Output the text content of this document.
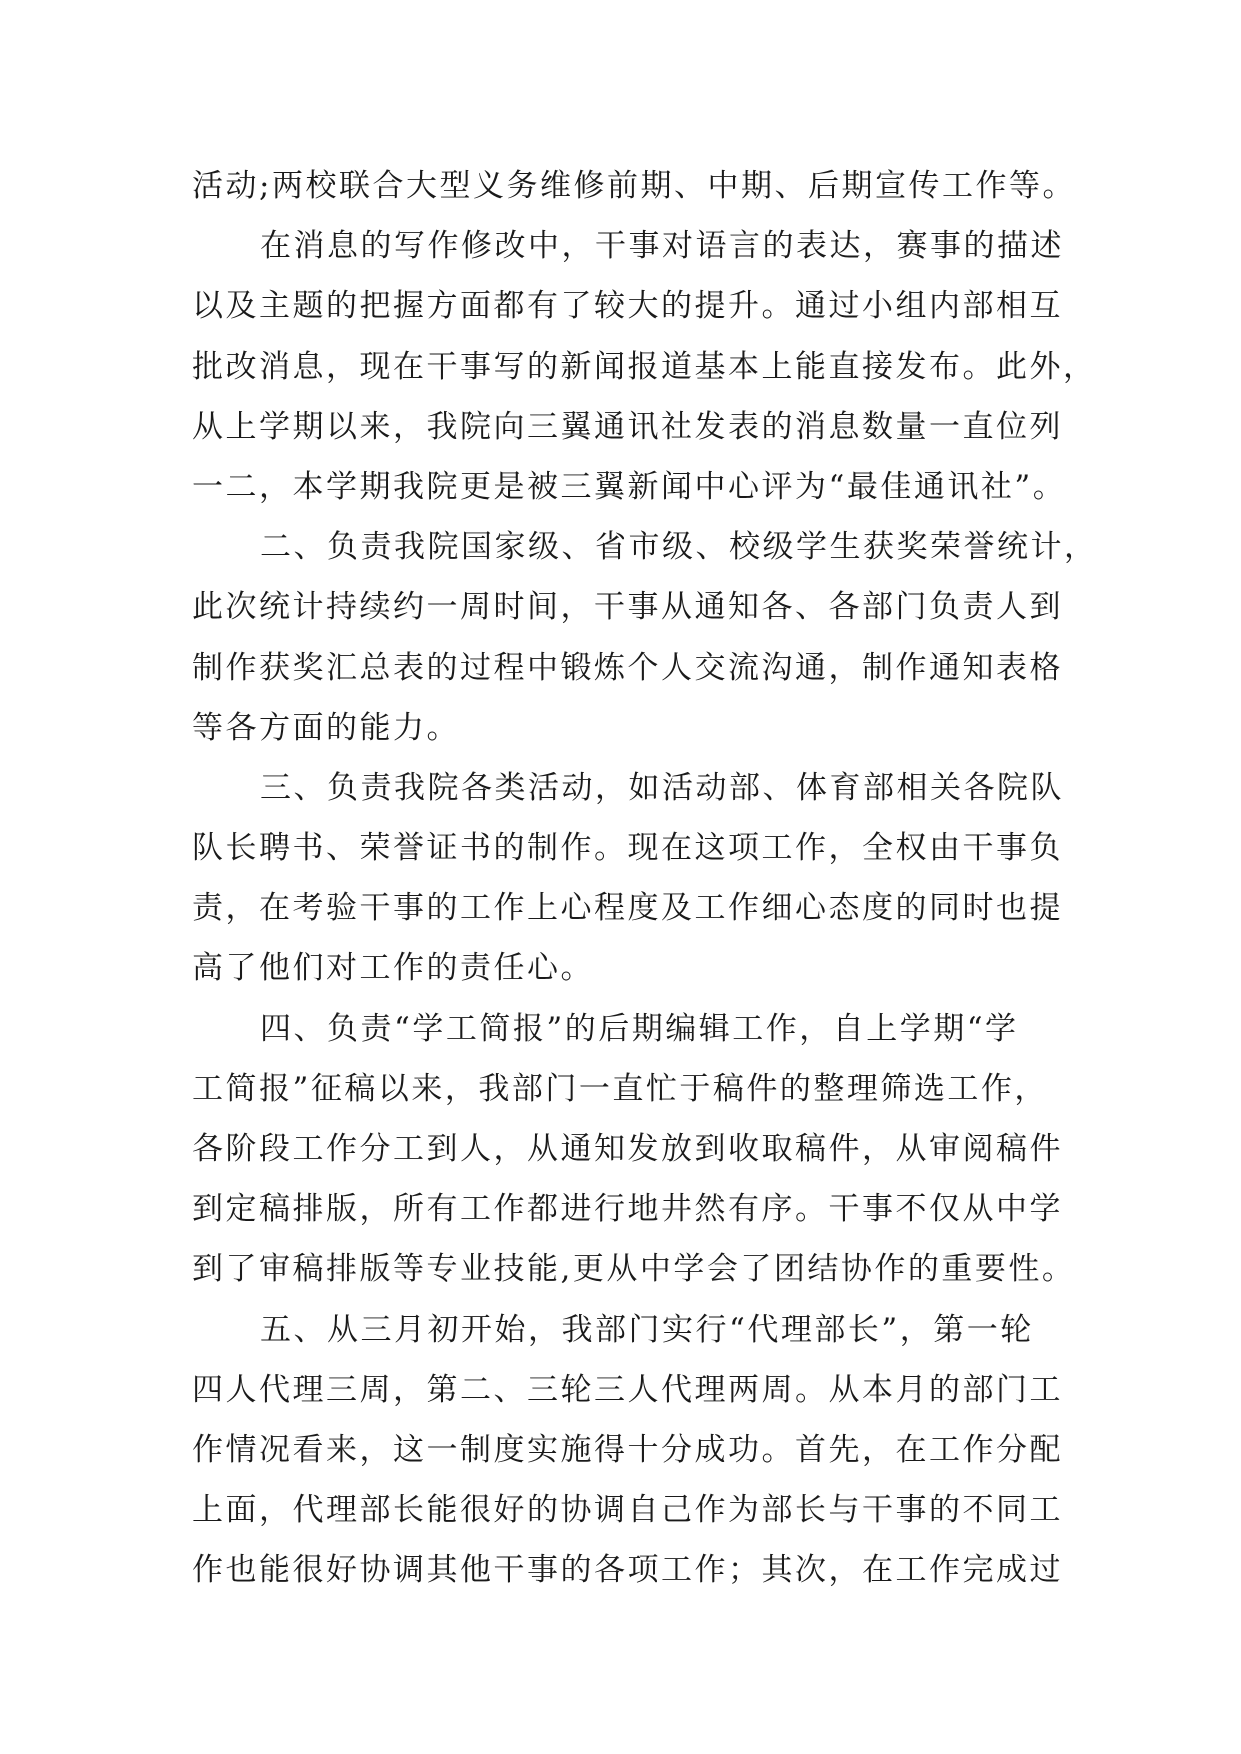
活动;两校联合大型义务维修前期、中期、后期宣传工作等。
在消息的写作修改中，干事对语言的表达，赛事的描述
以及主题的把握方面都有了较大的提升。通过小组内部相互
批改消息，现在干事写的新闻报道基本上能直接发布。此外，
从上学期以来，我院向三翼通讯社发表的消息数量一直位列
一二，本学期我院更是被三翼新闻中心评为“最佳通讯社”。
二、负责我院国家级、省市级、校级学生获奖荣誉统计，
此次统计持续约一周时间，干事从通知各、各部门负责人到
制作获奖汇总表的过程中锻炼个人交流沟通，制作通知表格
等各方面的能力。
三、负责我院各类活动，如活动部、体育部相关各院队
队长聘书、荣誉证书的制作。现在这项工作，全权由干事负
责，在考验干事的工作上心程度及工作细心态度的同时也提
高了他们对工作的责任心。
四、负责“学工简报”的后期编辑工作，自上学期“学
工简报”征稿以来，我部门一直忙于稿件的整理筛选工作，
各阶段工作分工到人，从通知发放到收取稿件，从审阅稿件
到定稿排版，所有工作都进行地井然有序。干事不仅从中学
到了审稿排版等专业技能,更从中学会了团结协作的重要性。
五、从三月初开始，我部门实行“代理部长”，第一轮
四人代理三周，第二、三轮三人代理两周。从本月的部门工
作情况看来，这一制度实施得十分成功。首先，在工作分配
上面，代理部长能很好的协调自己作为部长与干事的不同工
作也能很好协调其他干事的各项工作；其次，在工作完成过
